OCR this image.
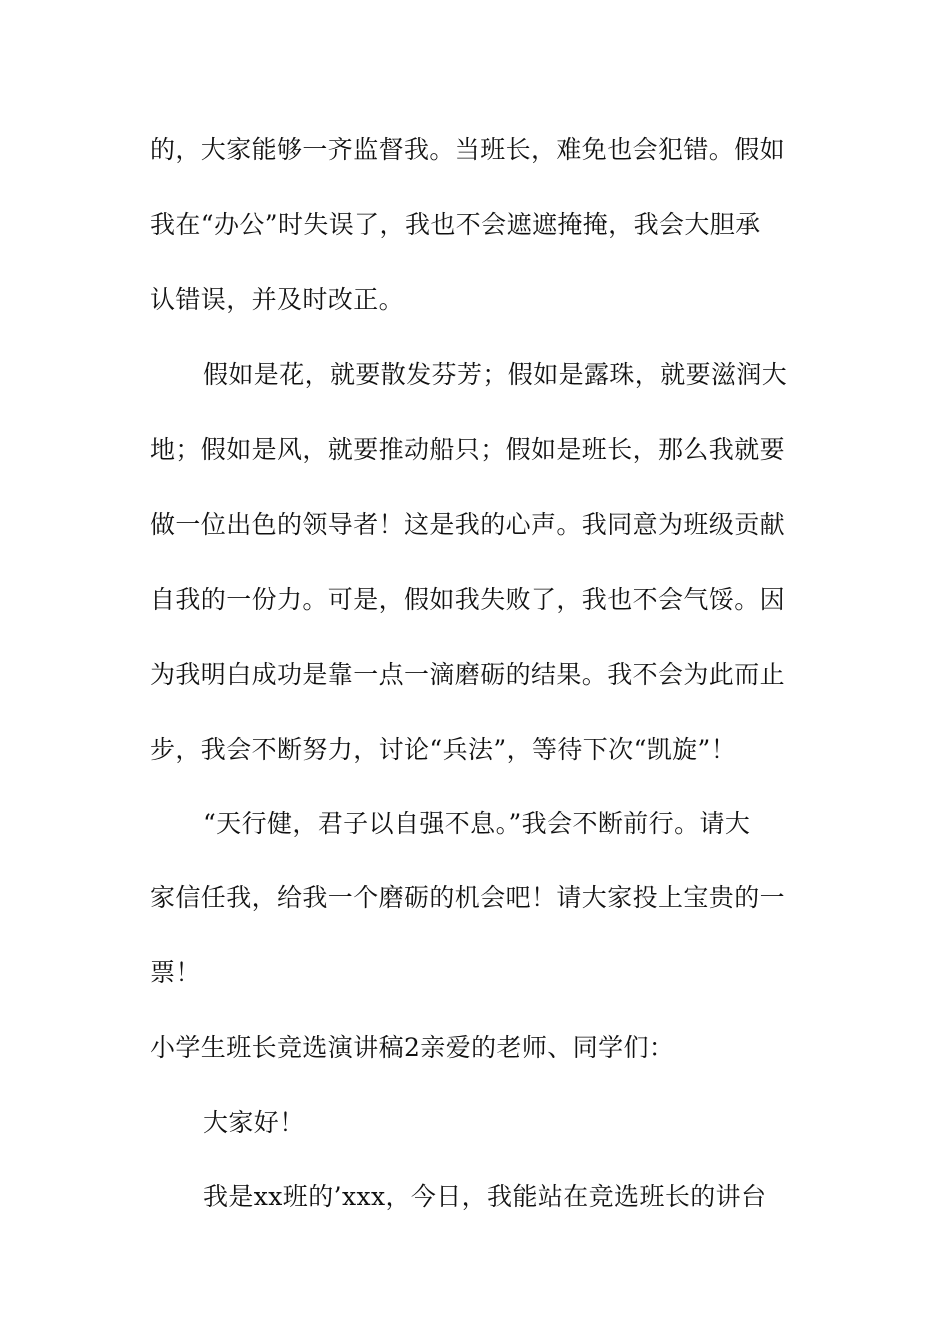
的，大家能够一齐监督我。当班长，难免也会犯错。假如
我在“办公”时失误了，我也不会遮遮掩掩，我会大胆承
认错误，并及时改正。
假如是花，就要散发芬芳；假如是露珠，就要滋润大
地；假如是风，就要推动船只；假如是班长，那么我就要
做一位出色的领导者！这是我的心声。我同意为班级贡献
自我的一份力。可是，假如我失败了，我也不会气馁。因
为我明白成功是靠一点一滴磨砺的结果。我不会为此而止
步，我会不断努力，讨论“兵法”，等待下次“凯旋”！
“天行健，君子以自强不息。”我会不断前行。请大
家信任我，给我一个磨砺的机会吧！请大家投上宝贵的一
票！
小学生班长竞选演讲稿2亲爱的老师、同学们：
大家好！
我是xx班的’xxx，今日，我能站在竞选班长的讲台
